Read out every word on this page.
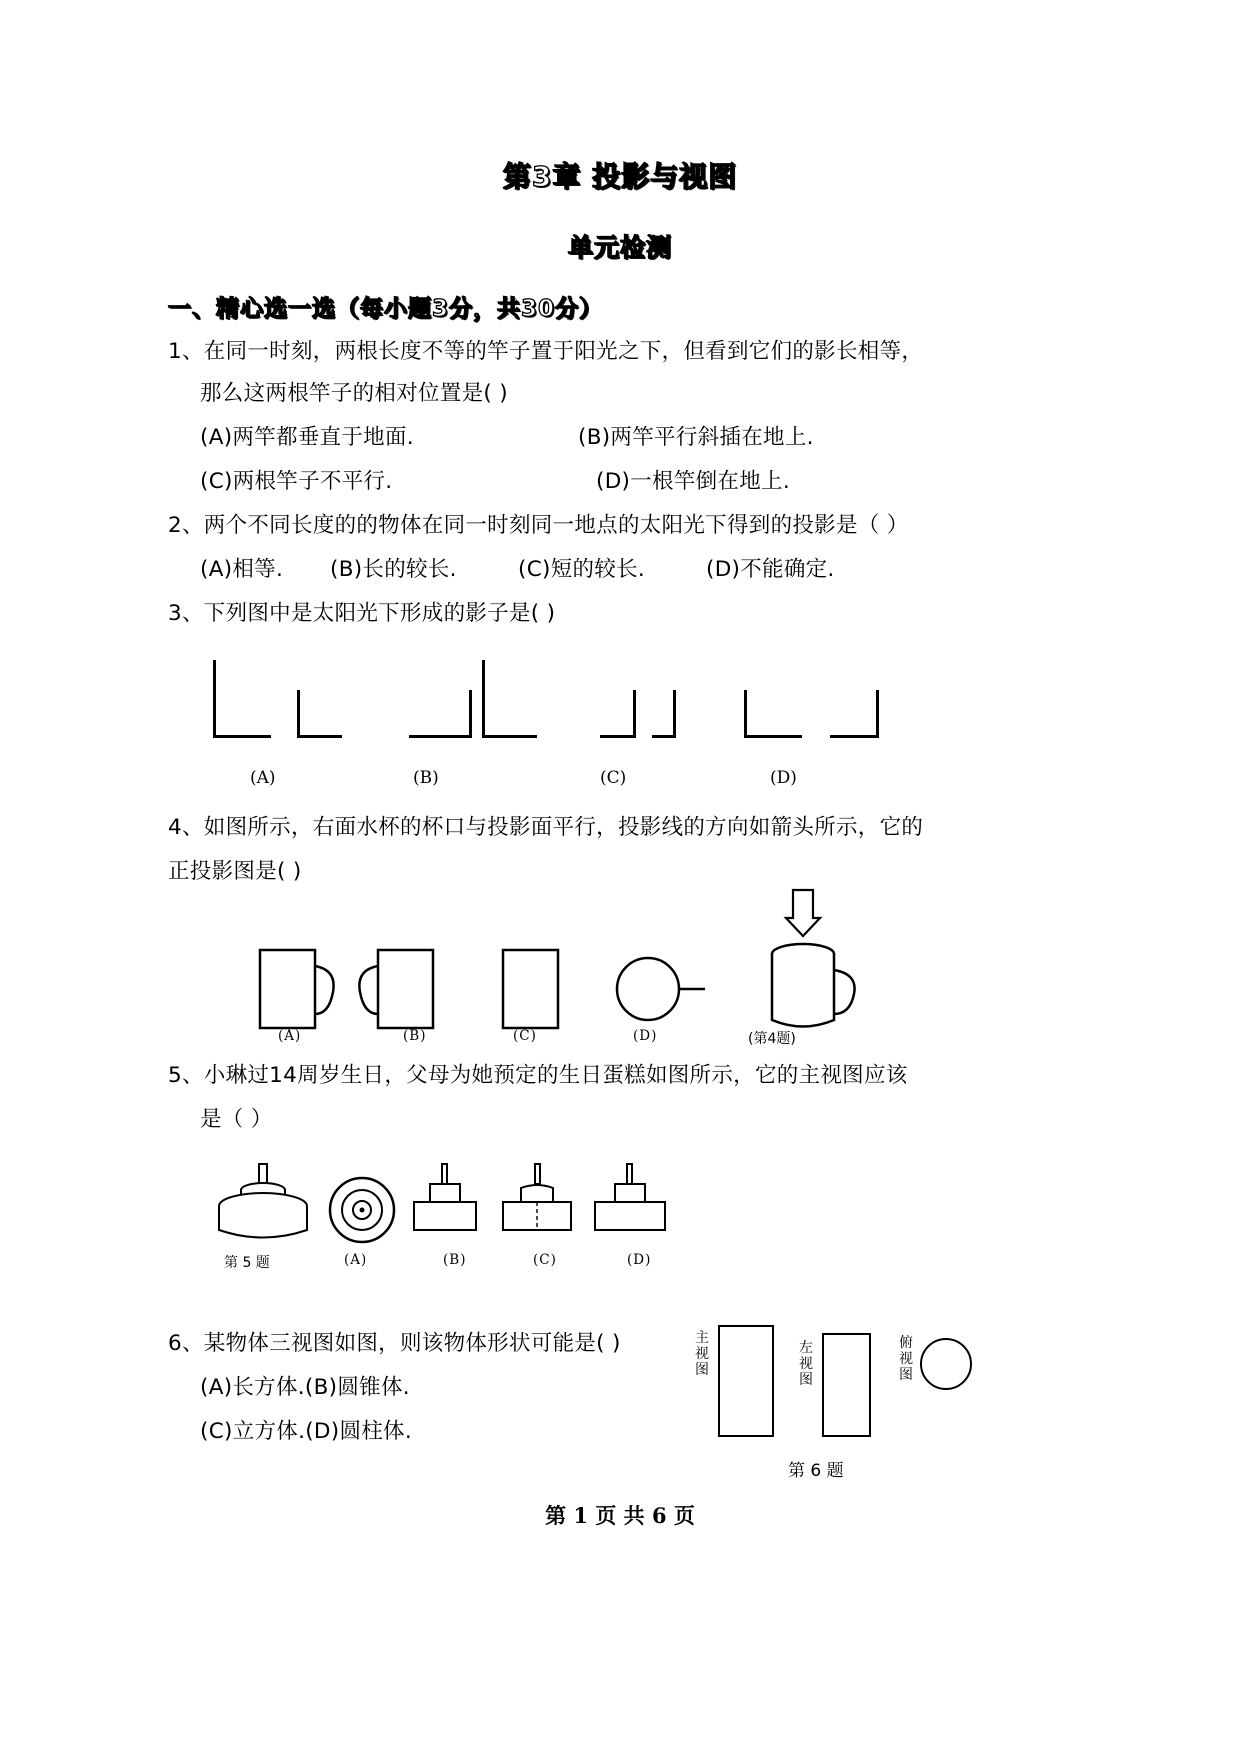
第3章 投影与视图
单元检测
一、精心选一选（每小题3分，共30分）
1、在同一时刻，两根长度不等的竿子置于阳光之下，但看到它们的影长相等，
那么这两根竿子的相对位置是( )
(A)两竿都垂直于地面.	(B)两竿平行斜插在地上.
(C)两根竿子不平行.	(D)一根竿倒在地上.
2、两个不同长度的的物体在同一时刻同一地点的太阳光下得到的投影是（ ）
(A)相等. (B)长的较长.	(C)短的较长.	(D)不能确定.
3、下列图中是太阳光下形成的影子是( )
(A)	(B)	(C)	(D)
4、如图所示，右面水杯的杯口与投影面平行，投影线的方向如箭头所示，它的
正投影图是( )
(A)	(B)	(C)	(D)	(第4题)
5、小琳过14周岁生日，父母为她预定的生日蛋糕如图所示，它的主视图应该
是（ ）
第 5 题	(A)	(B)	(C)	(D)
6、某物体三视图如图，则该物体形状可能是( )
(A)长方体.(B)圆锥体.
(C)立方体.(D)圆柱体.
主视图
左视图
俯视图
第 6 题
第 1 页 共 6 页
